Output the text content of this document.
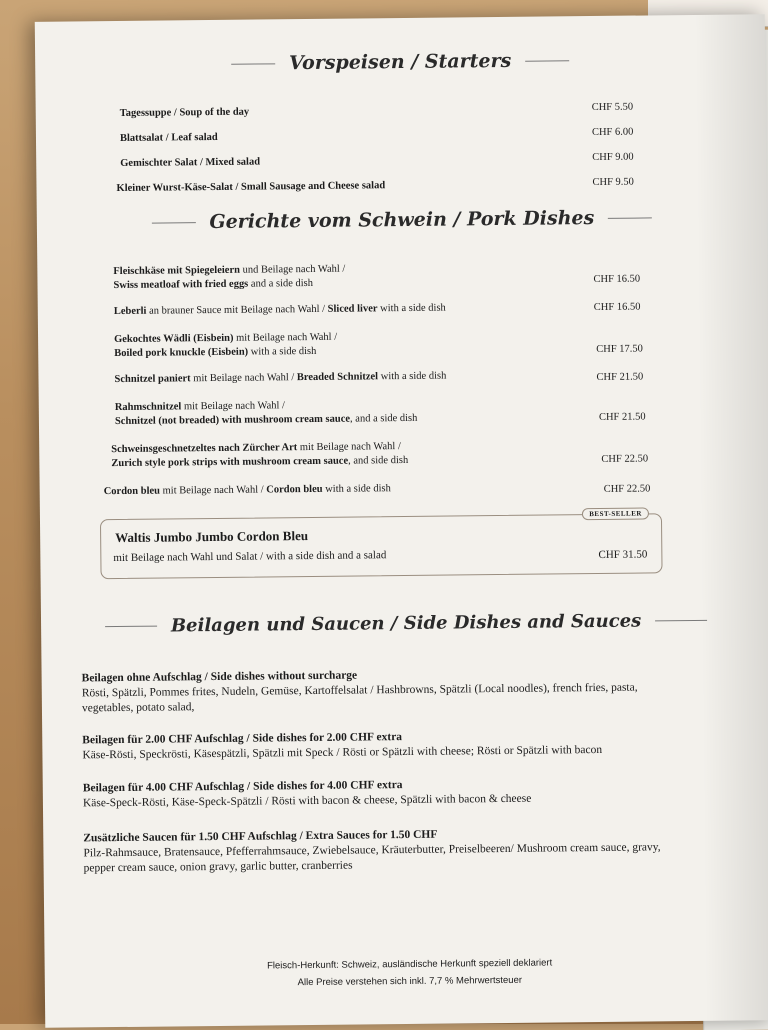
Vorspeisen / Starters
Tagessuppe / Soup of the day	CHF 5.50
Blattsalat / Leaf salad	CHF 6.00
Gemischter Salat / Mixed salad	CHF 9.00
Kleiner Wurst-Käse-Salat / Small Sausage and Cheese salad	CHF 9.50
Gerichte vom Schwein / Pork Dishes
Fleischkäse mit Spiegeleiern und Beilage nach Wahl /
Swiss meatloaf with fried eggs and a side dish	CHF 16.50
Leberli an brauner Sauce mit Beilage nach Wahl / Sliced liver with a side dish	CHF 16.50
Gekochtes Wädli (Eisbein) mit Beilage nach Wahl /
Boiled pork knuckle (Eisbein) with a side dish	CHF 17.50
Schnitzel paniert mit Beilage nach Wahl / Breaded Schnitzel with a side dish	CHF 21.50
Rahmschnitzel mit Beilage nach Wahl /
Schnitzel (not breaded) with mushroom cream sauce, and a side dish	CHF 21.50
Schweinsgeschnetzeltes nach Zürcher Art mit Beilage nach Wahl /
Zurich style pork strips with mushroom cream sauce, and side dish	CHF 22.50
Cordon bleu mit Beilage nach Wahl / Cordon bleu with a side dish	CHF 22.50
BEST-SELLER
Waltis Jumbo Jumbo Cordon Bleu
mit Beilage nach Wahl und Salat / with a side dish and a salad	CHF 31.50
Beilagen und Saucen / Side Dishes and Sauces
Beilagen ohne Aufschlag / Side dishes without surcharge
Rösti, Spätzli, Pommes frites, Nudeln, Gemüse, Kartoffelsalat / Hashbrowns, Spätzli (Local noodles), french fries, pasta, vegetables, potato salad,
Beilagen für 2.00 CHF Aufschlag / Side dishes for 2.00 CHF extra
Käse-Rösti, Speckrösti, Käsespätzli, Spätzli mit Speck / Rösti or Spätzli with cheese; Rösti or Spätzli with bacon
Beilagen für 4.00 CHF Aufschlag / Side dishes for 4.00 CHF extra
Käse-Speck-Rösti, Käse-Speck-Spätzli / Rösti with bacon & cheese, Spätzli with bacon & cheese
Zusätzliche Saucen für 1.50 CHF Aufschlag / Extra Sauces for 1.50 CHF
Pilz-Rahmsauce, Bratensauce, Pfefferrahmsauce, Zwiebelsauce, Kräuterbutter, Preiselbeeren/ Mushroom cream sauce, gravy, pepper cream sauce, onion gravy, garlic butter, cranberries
Fleisch-Herkunft: Schweiz, ausländische Herkunft speziell deklariert
Alle Preise verstehen sich inkl. 7,7 % Mehrwertsteuer
